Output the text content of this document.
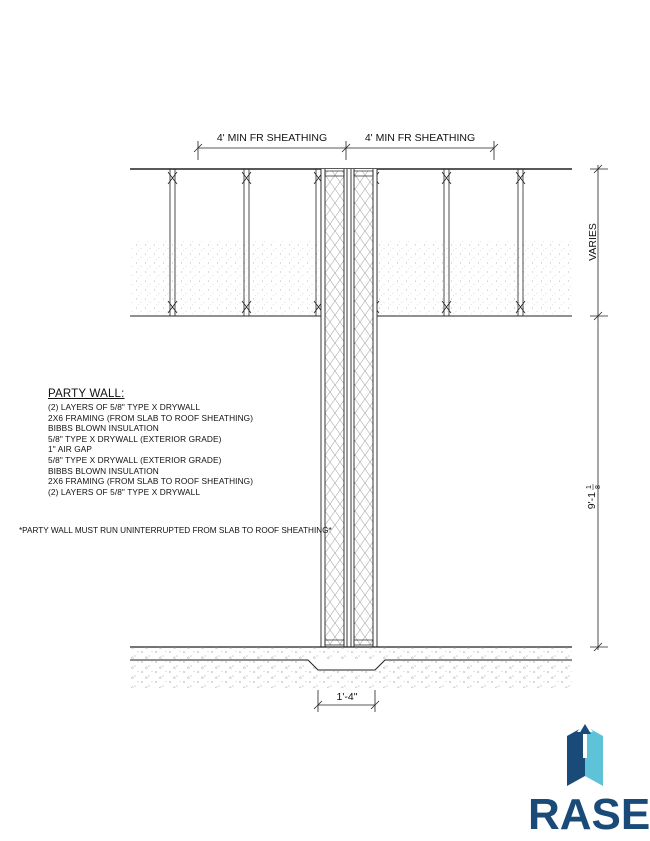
4' MIN FR SHEATHING	4' MIN FR SHEATHING
VARIES
9'-1
1 8
1'-4"
PARTY WALL:
(2) LAYERS OF 5/8" TYPE X DRYWALL
2X6 FRAMING (FROM SLAB TO ROOF SHEATHING)
BIBBS BLOWN INSULATION
5/8" TYPE X DRYWALL (EXTERIOR GRADE)
1" AIR GAP
5/8" TYPE X DRYWALL (EXTERIOR GRADE)
BIBBS BLOWN INSULATION
2X6 FRAMING (FROM SLAB TO ROOF SHEATHING)
(2) LAYERS OF 5/8" TYPE X DRYWALL
*PARTY WALL MUST RUN UNINTERRUPTED FROM SLAB TO ROOF SHEATHING*
RASE
